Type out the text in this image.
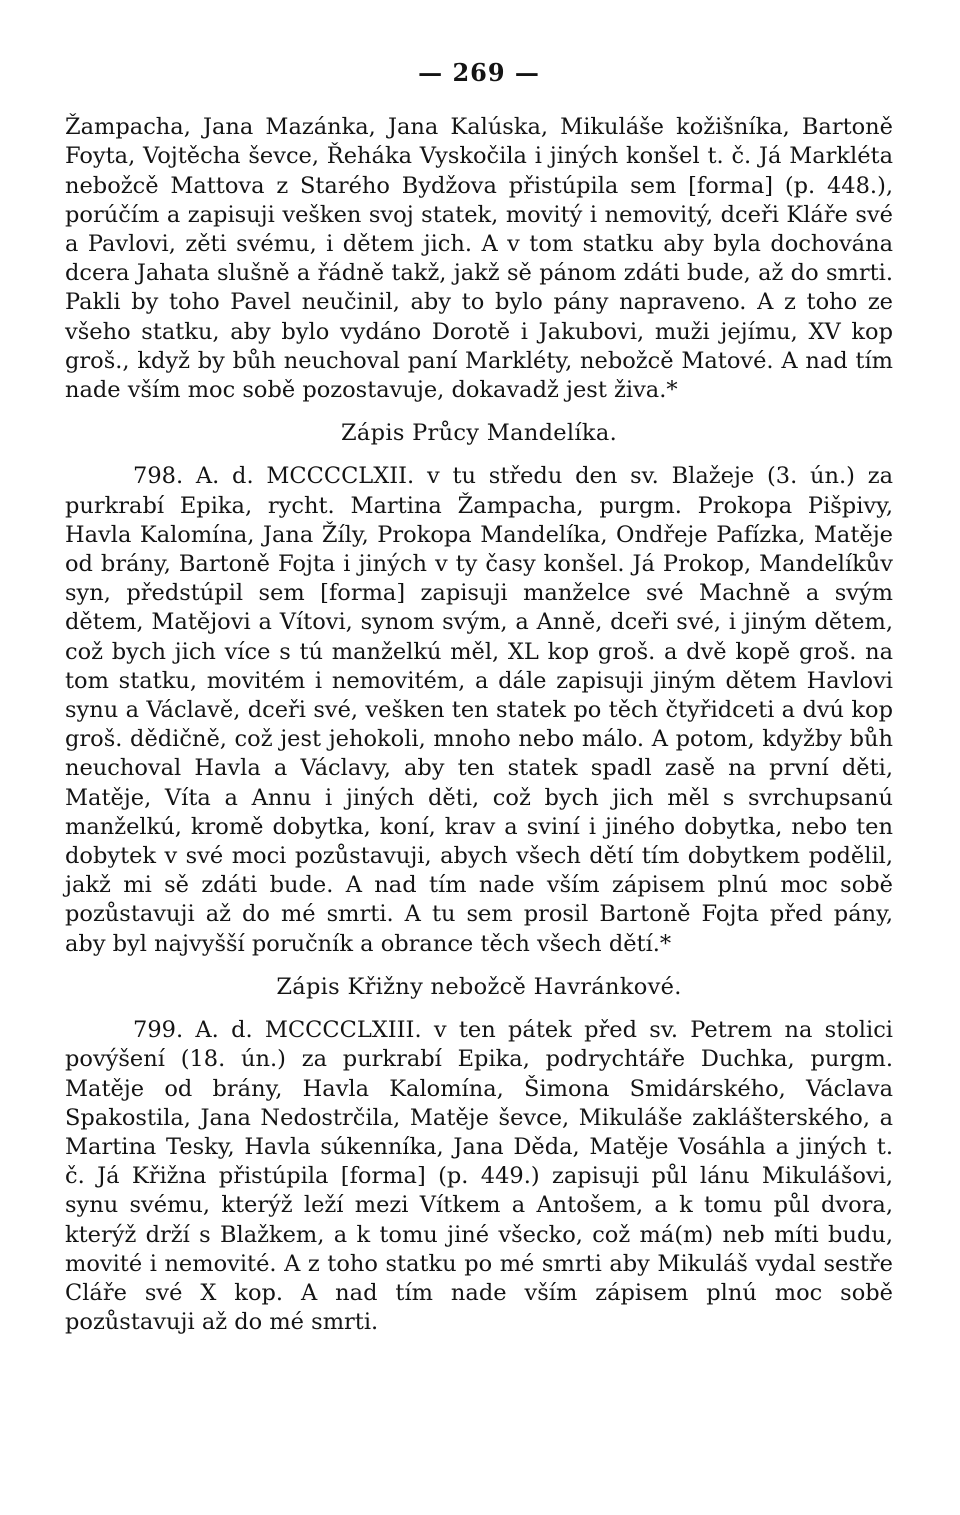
— 269 —

Žampacha, Jana Mazánka, Jana Kalúska, Mikuláše kožišníka, Bartoně Foyta, Vojtěcha ševce, Řeháka Vyskočila i jiných konšel t. č. Já Markléta nebožcě Mattova z Starého Bydžova přistúpila sem [forma] (p. 448.), porúčím a zapisuji vešken svoj statek, movitý i nemovitý, dceři Kláře své a Pavlovi, zěti svému, i dětem jich. A v tom statku aby byla dochována dcera Jahata slušně a řádně takž, jakž sě pánom zdáti bude, až do smrti. Pakli by toho Pavel neučinil, aby to bylo pány napraveno. A z toho ze všeho statku, aby bylo vydáno Dorotě i Jakubovi, muži jejímu, XV kop groš., když by bůh neuchoval paní Markléty, nebožcě Matové. A nad tím nade vším moc sobě pozostavuje, dokavadž jest živa.*

Zápis Průcy Mandelíka.

798. A. d. MCCCCLXII. v tu středu den sv. Blažeje (3. ún.) za purkrabí Epika, rycht. Martina Žampacha, purgm. Prokopa Pišpivy, Havla Kalomína, Jana Žíly, Prokopa Mandelíka, Ondřeje Pafízka, Matěje od brány, Bartoně Fojta i jiných v ty časy konšel. Já Prokop, Mandelíkův syn, předstúpil sem [forma] zapisuji manželce své Machně a svým dětem, Matějovi a Vítovi, synom svým, a Anně, dceři své, i jiným dětem, což bych jich více s tú manželkú měl, XL kop groš. a dvě kopě groš. na tom statku, movitém i nemovitém, a dále zapisuji jiným dětem Havlovi synu a Václavě, dceři své, vešken ten statek po těch čtyřidceti a dvú kop groš. dědičně, což jest jehokoli, mnoho nebo málo. A potom, kdyžby bůh neuchoval Havla a Václavy, aby ten statek spadl zasě na první děti, Matěje, Víta a Annu i jiných děti, což bych jich měl s svrchupsanú manželkú, kromě dobytka, koní, krav a sviní i jiného dobytka, nebo ten dobytek v své moci pozůstavuji, abych všech dětí tím dobytkem podělil, jakž mi sě zdáti bude. A nad tím nade vším zápisem plnú moc sobě pozůstavuji až do mé smrti. A tu sem prosil Bartoně Fojta před pány, aby byl najvyšší poručník a obrance těch všech dětí.*

Zápis Křižny nebožcě Havránkové.

799. A. d. MCCCCLXIII. v ten pátek před sv. Petrem na stolici povýšení (18. ún.) za purkrabí Epika, podrychtáře Duchka, purgm. Matěje od brány, Havla Kalomína, Šimona Smidárského, Václava Spakostila, Jana Nedostrčila, Matěje ševce, Mikuláše zaklášterského, a Martina Tesky, Havla súkenníka, Jana Děda, Matěje Vosáhla a jiných t. č. Já Křižna přistúpila [forma] (p. 449.) zapisuji půl lánu Mikulášovi, synu svému, kterýž leží mezi Vítkem a Antošem, a k tomu půl dvora, kterýž drží s Blažkem, a k tomu jiné všecko, což má(m) neb míti budu, movité i nemovité. A z toho statku po mé smrti aby Mikuláš vydal sestře Cláře své X kop. A nad tím nade vším zápisem plnú moc sobě pozůstavuji až do mé smrti.
